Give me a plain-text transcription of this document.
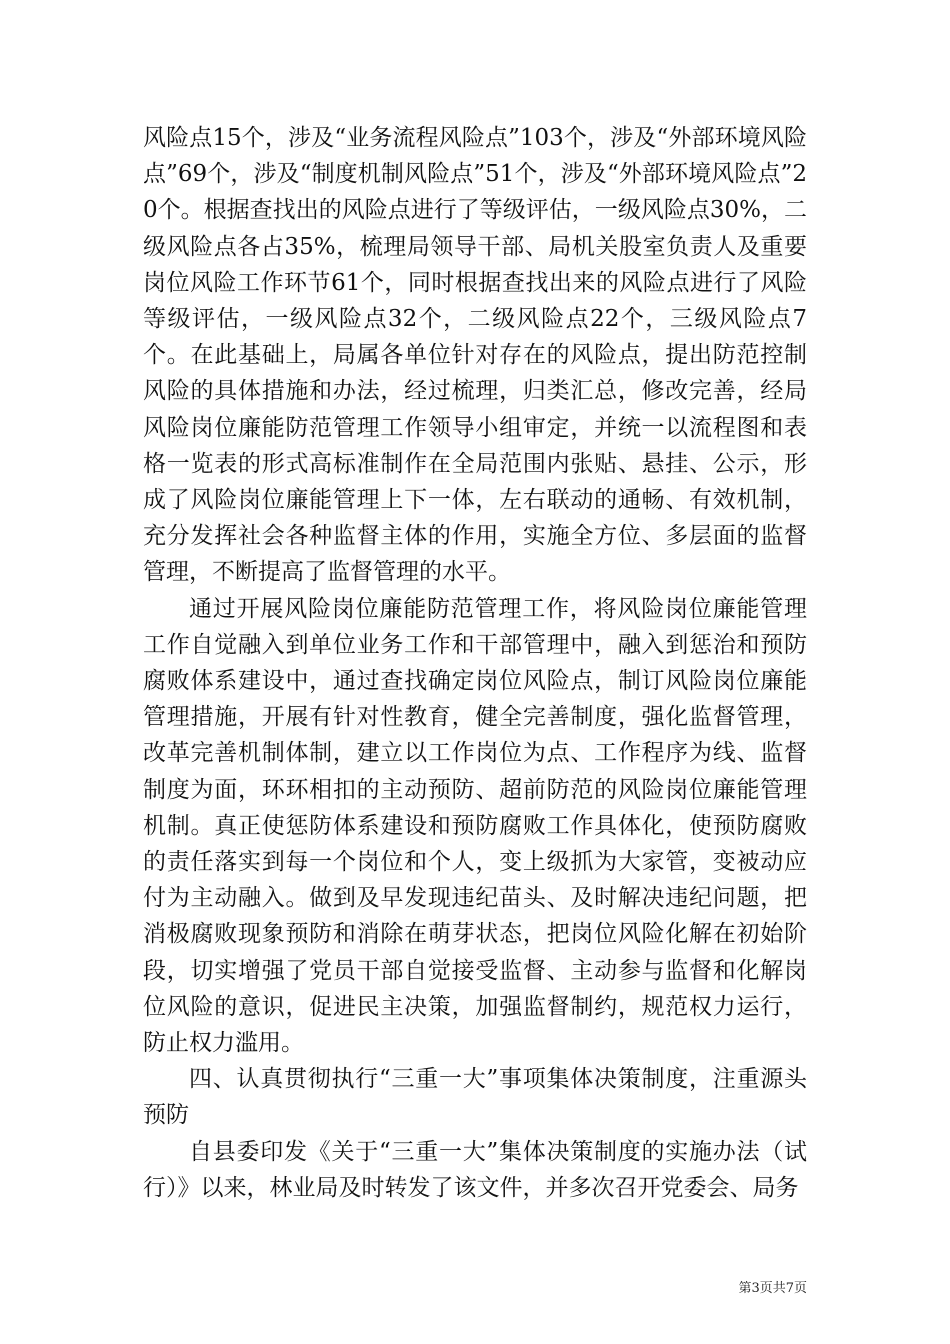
风险点15个，涉及“业务流程风险点”103个，涉及“外部环境风险点”69个，涉及“制度机制风险点”51个，涉及“外部环境风险点”20个。根据查找出的风险点进行了等级评估，一级风险点30%，二级风险点各占35%，梳理局领导干部、局机关股室负责人及重要岗位风险工作环节61个，同时根据查找出来的风险点进行了风险等级评估，一级风险点32个，二级风险点22个，三级风险点7个。在此基础上，局属各单位针对存在的风险点，提出防范控制风险的具体措施和办法，经过梳理，归类汇总，修改完善，经局风险岗位廉能防范管理工作领导小组审定，并统一以流程图和表格一览表的形式高标准制作在全局范围内张贴、悬挂、公示，形成了风险岗位廉能管理上下一体，左右联动的通畅、有效机制，充分发挥社会各种监督主体的作用，实施全方位、多层面的监督管理，不断提高了监督管理的水平。

通过开展风险岗位廉能防范管理工作，将风险岗位廉能管理工作自觉融入到单位业务工作和干部管理中，融入到惩治和预防腐败体系建设中，通过查找确定岗位风险点，制订风险岗位廉能管理措施，开展有针对性教育，健全完善制度，强化监督管理，改革完善机制体制，建立以工作岗位为点、工作程序为线、监督制度为面，环环相扣的主动预防、超前防范的风险岗位廉能管理机制。真正使惩防体系建设和预防腐败工作具体化，使预防腐败的责任落实到每一个岗位和个人，变上级抓为大家管，变被动应付为主动融入。做到及早发现违纪苗头、及时解决违纪问题，把消极腐败现象预防和消除在萌芽状态，把岗位风险化解在初始阶段，切实增强了党员干部自觉接受监督、主动参与监督和化解岗位风险的意识，促进民主决策，加强监督制约，规范权力运行，防止权力滥用。

四、认真贯彻执行“三重一大”事项集体决策制度，注重源头预防

自县委印发《关于“三重一大”集体决策制度的实施办法（试行）》以来，林业局及时转发了该文件，并多次召开党委会、局务

第3页共7页
